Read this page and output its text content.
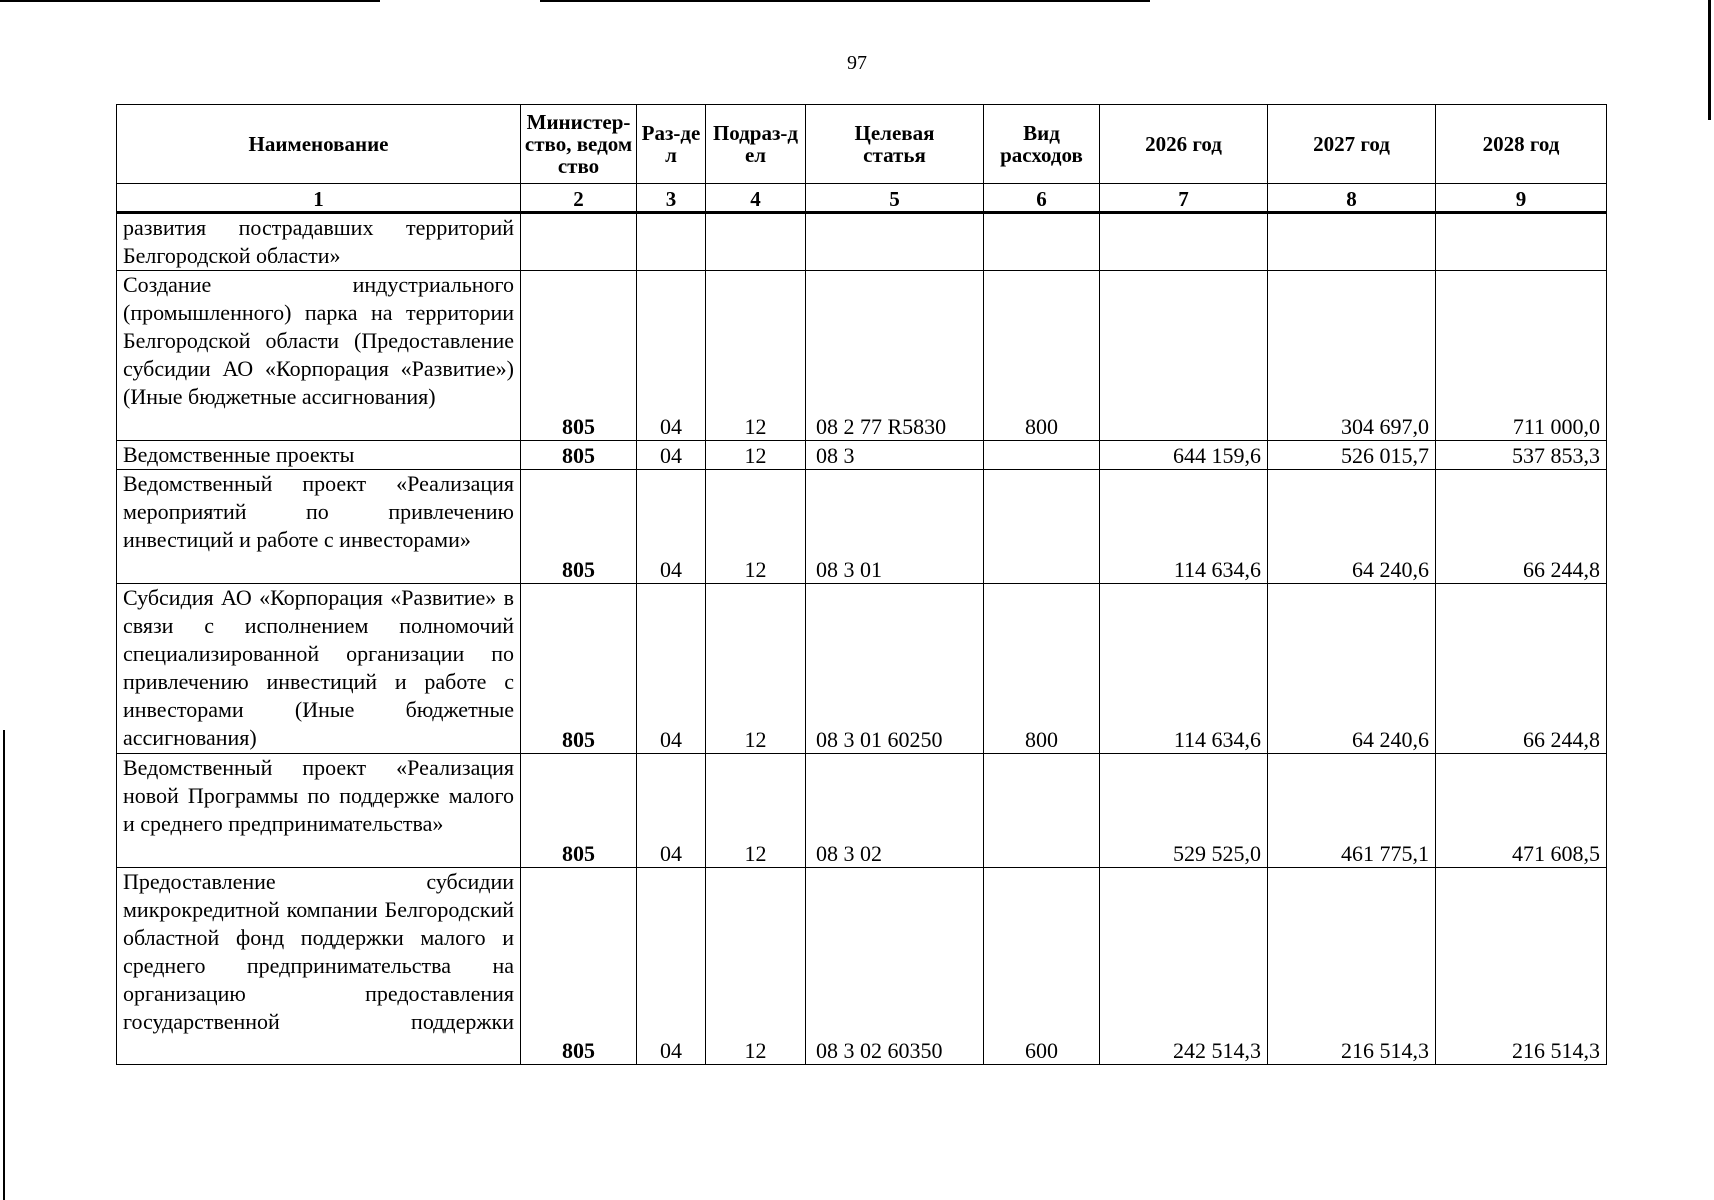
97
Наименование	Министер-ство, ведомство	Раз-дел	Подраз-дел	Целевая статья	Вид расходов	2026 год	2027 год	2028 год
1	2	3	4	5	6	7	8	9
развития пострадавших территорий Белгородской области»								
Создание индустриального (промышленного) парка на территории Белгородской области (Предоставление субсидии АО «Корпорация «Развитие») (Иные бюджетные ассигнования)	805	04	12	08 2 77 R5830	800		304 697,0	711 000,0
Ведомственные проекты	805	04	12	08 3		644 159,6	526 015,7	537 853,3
Ведомственный проект «Реализация мероприятий по привлечению инвестиций и работе с инвесторами»	805	04	12	08 3 01		114 634,6	64 240,6	66 244,8
Субсидия АО «Корпорация «Развитие» в связи с исполнением полномочий специализированной организации по привлечению инвестиций и работе с инвесторами (Иные бюджетные ассигнования)	805	04	12	08 3 01 60250	800	114 634,6	64 240,6	66 244,8
Ведомственный проект «Реализация новой Программы по поддержке малого и среднего предпринимательства»	805	04	12	08 3 02		529 525,0	461 775,1	471 608,5
Предоставление субсидии микрокредитной компании Белгородский областной фонд поддержки малого и среднего предпринимательства на организацию предоставления государственной поддержки	805	04	12	08 3 02 60350	600	242 514,3	216 514,3	216 514,3
